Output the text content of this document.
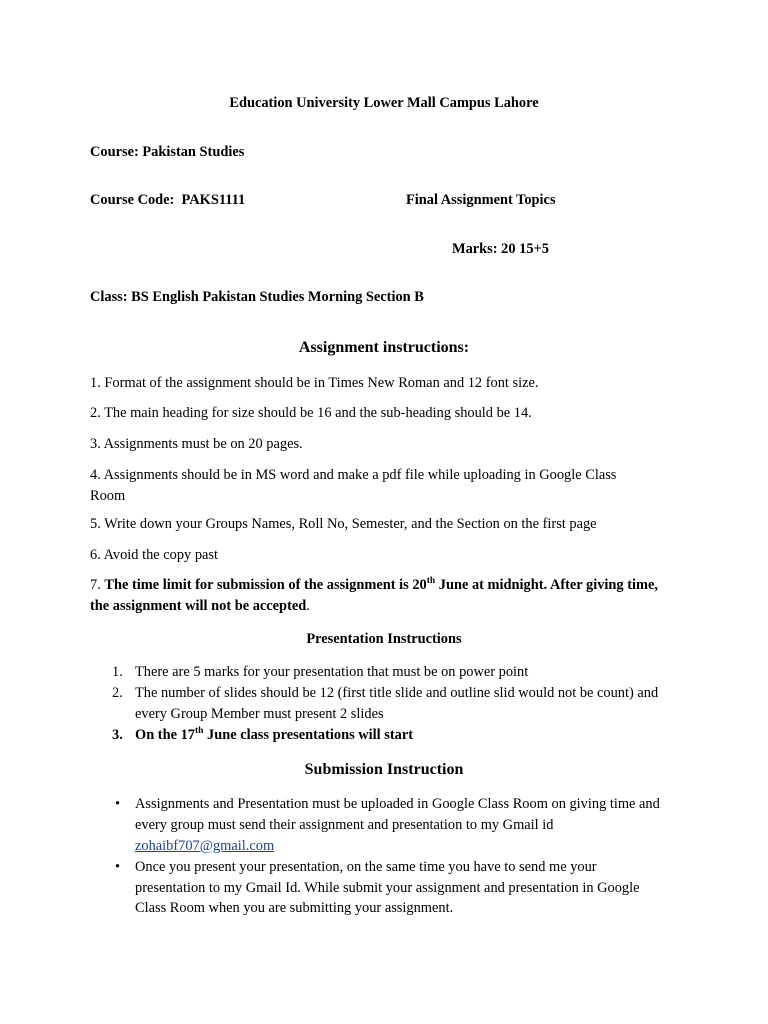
Education University Lower Mall Campus Lahore

Course: Pakistan Studies

Course Code:  PAKS1111	Final Assignment Topics

Marks: 20 15+5

Class: BS English Pakistan Studies Morning Section B

Assignment instructions:

1. Format of the assignment should be in Times New Roman and 12 font size.

2. The main heading for size should be 16 and the sub-heading should be 14.

3. Assignments must be on 20 pages.

4. Assignments should be in MS word and make a pdf file while uploading in Google Class Room

5. Write down your Groups Names, Roll No, Semester, and the Section on the first page

6. Avoid the copy past

7. The time limit for submission of the assignment is 20th June at midnight. After giving time, the assignment will not be accepted.

Presentation Instructions

1. There are 5 marks for your presentation that must be on power point
2. The number of slides should be 12 (first title slide and outline slid would not be count) and every Group Member must present 2 slides
3. On the 17th June class presentations will start

Submission Instruction

• Assignments and Presentation must be uploaded in Google Class Room on giving time and every group must send their assignment and presentation to my Gmail id
zohaibf707@gmail.com
• Once you present your presentation, on the same time you have to send me your presentation to my Gmail Id. While submit your assignment and presentation in Google Class Room when you are submitting your assignment.
